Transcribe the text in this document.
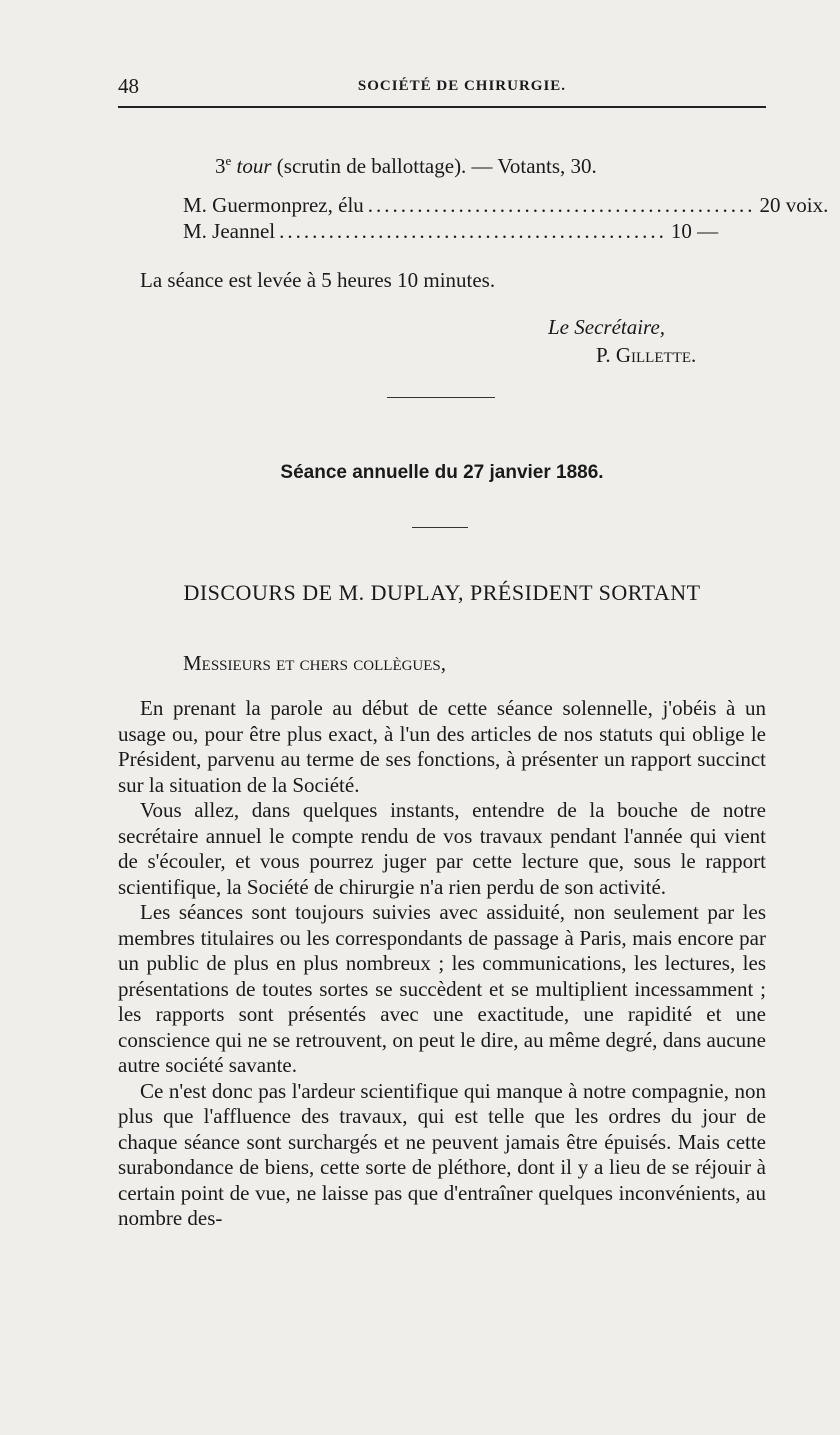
48	SOCIÉTÉ DE CHIRURGIE.
3e tour (scrutin de ballottage). — Votants, 30.
M. Guermonprez, élu ............................................... 20 voix.
M. Jeannel ............................................... 10 —
La séance est levée à 5 heures 10 minutes.
Le Secrétaire,
P. Gillette.
Séance annuelle du 27 janvier 1886.
DISCOURS DE M. DUPLAY, PRÉSIDENT SORTANT
Messieurs et chers collègues,

En prenant la parole au début de cette séance solennelle, j'obéis à un usage ou, pour être plus exact, à l'un des articles de nos statuts qui oblige le Président, parvenu au terme de ses fonctions, à présenter un rapport succinct sur la situation de la Société.

Vous allez, dans quelques instants, entendre de la bouche de notre secrétaire annuel le compte rendu de vos travaux pendant l'année qui vient de s'écouler, et vous pourrez juger par cette lecture que, sous le rapport scientifique, la Société de chirurgie n'a rien perdu de son activité.

Les séances sont toujours suivies avec assiduité, non seulement par les membres titulaires ou les correspondants de passage à Paris, mais encore par un public de plus en plus nombreux ; les communications, les lectures, les présentations de toutes sortes se succèdent et se multiplient incessamment ; les rapports sont présentés avec une exactitude, une rapidité et une conscience qui ne se retrouvent, on peut le dire, au même degré, dans aucune autre société savante.

Ce n'est donc pas l'ardeur scientifique qui manque à notre compagnie, non plus que l'affluence des travaux, qui est telle que les ordres du jour de chaque séance sont surchargés et ne peuvent jamais être épuisés. Mais cette surabondance de biens, cette sorte de pléthore, dont il y a lieu de se réjouir à certain point de vue, ne laisse pas que d'entraîner quelques inconvénients, au nombre des-
